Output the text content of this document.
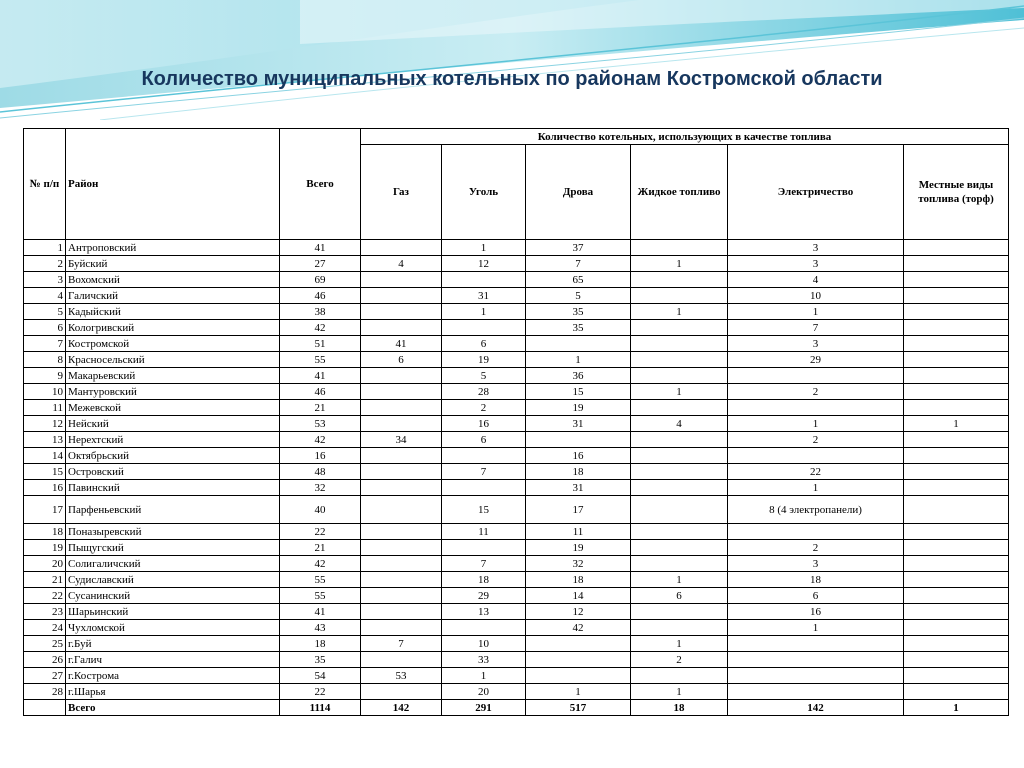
Количество муниципальных котельных по районам Костромской области
№ п/п	Район	Всего	Количество котельных, использующих в качестве топлива					
			Газ	Уголь	Дрова	Жидкое топливо	Электричество	Местные виды топлива (торф)
1	Антропoвский	41		1	37		3	
2	Буйский	27	4	12	7	1	3	
3	Вохомский	69			65		4	
4	Галичский	46		31	5		10	
5	Кадыйский	38		1	35	1	1	
6	Кологривский	42			35		7	
7	Костромской	51	41	6			3	
8	Красносельский	55	6	19	1		29	
9	Макарьевский	41		5	36			
10	Мантуровский	46		28	15	1	2	
11	Межевской	21		2	19			
12	Нейский	53		16	31	4	1	1
13	Нерехтский	42	34	6			2	
14	Октябрьский	16			16			
15	Островский	48		7	18		22	
16	Павинский	32			31		1	
17	Парфеньевский	40		15	17		8 (4 электропанели)	
18	Поназыревский	22		11	11			
19	Пыщугский	21			19		2	
20	Солигаличский	42		7	32		3	
21	Судиславский	55		18	18	1	18	
22	Сусанинский	55		29	14	6	6	
23	Шарьинский	41		13	12		16	
24	Чухломской	43			42		1	
25	г.Буй	18	7	10		1		
26	г.Галич	35		33		2		
27	г.Кострома	54	53	1				
28	г.Шарья	22		20	1	1		
	Всего	1114	142	291	517	18	142	1
